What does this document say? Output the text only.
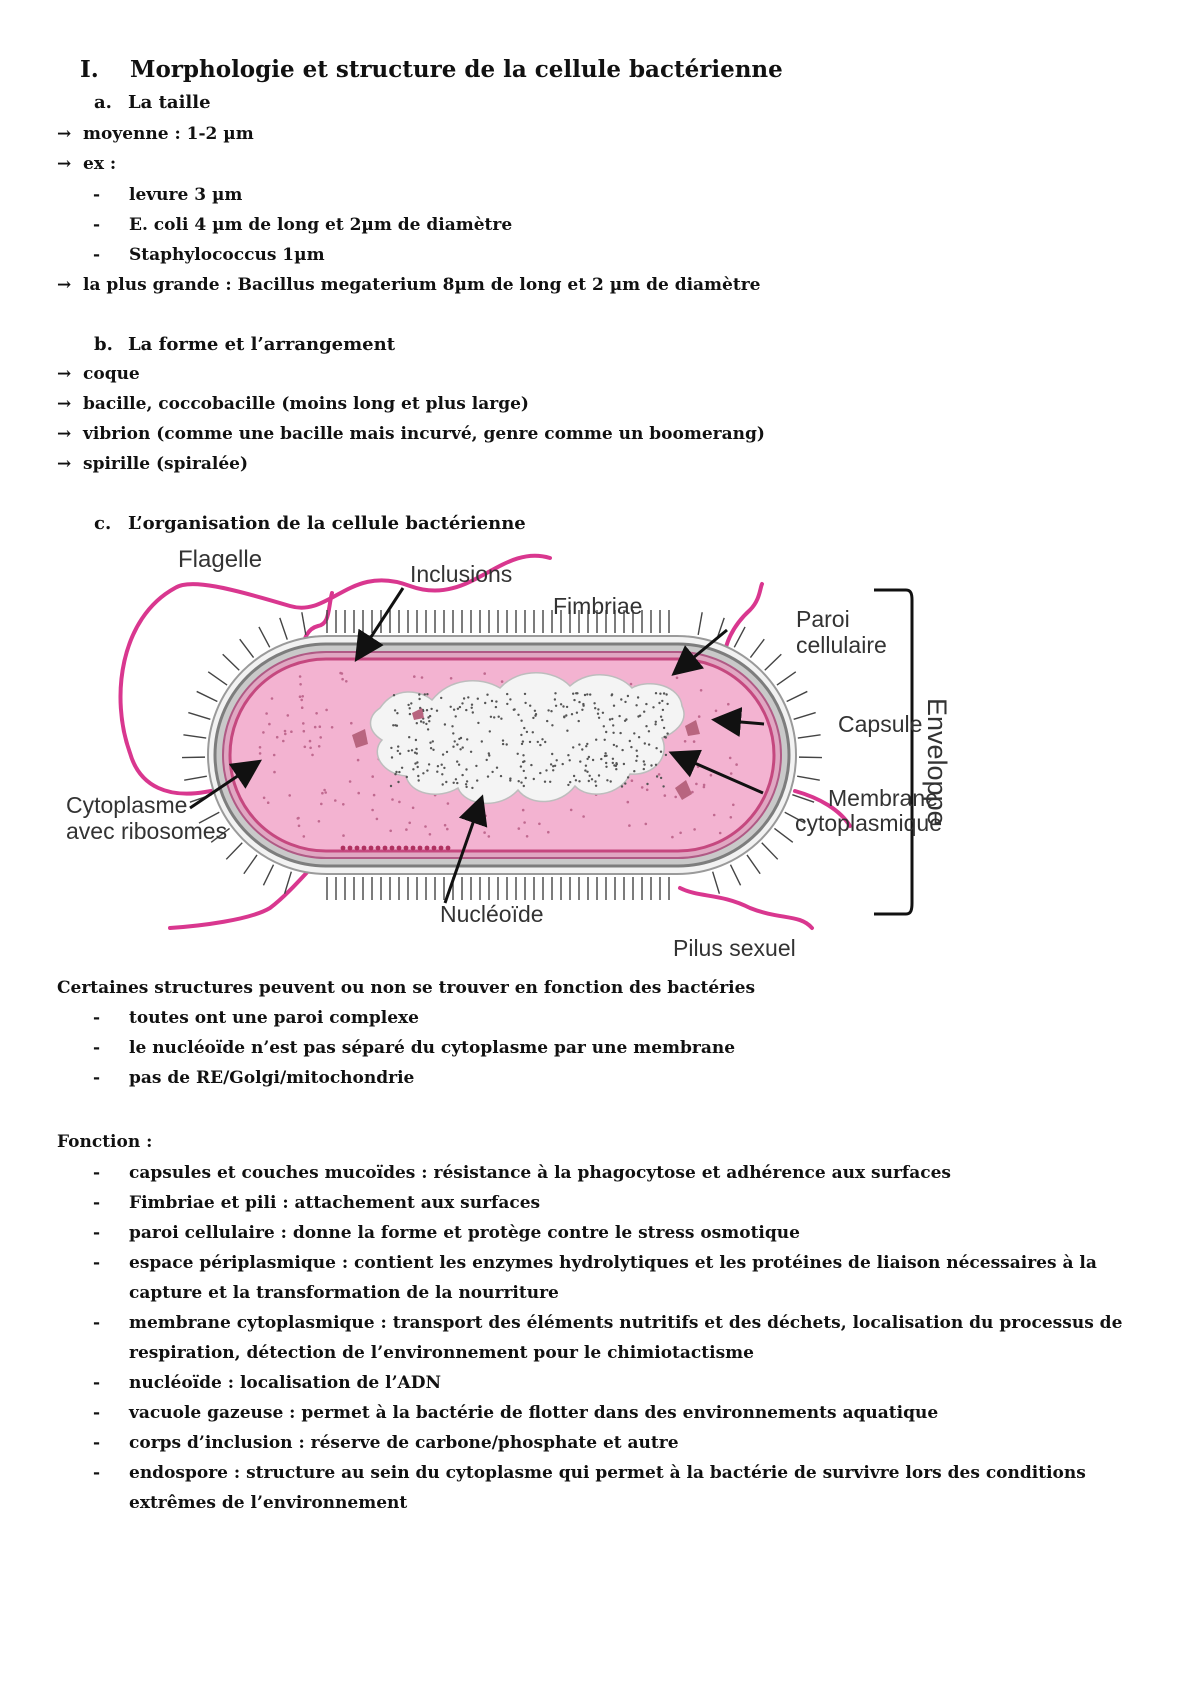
I. Morphologie et structure de la cellule bactérienne
a. La taille
→ moyenne : 1-2 µm
→ ex :
- levure 3 µm
- E. coli 4 µm de long et 2µm de diamètre
- Staphylococcus 1µm
→ la plus grande : Bacillus megaterium 8µm de long et 2 µm de diamètre
b. La forme et l’arrangement
→ coque
→ bacille, coccobacille (moins long et plus large)
→ vibrion (comme une bacille mais incurvé, genre comme un boomerang)
→ spirille (spiralée)
c. L’organisation de la cellule bactérienne
Flagelle
Inclusions
Fimbriae	Paroi
cellulaire
Capsule
Membrane
cytoplasmique
Cytoplasme
avec ribosomes
Nucléoïde
Pilus sexuel
Enveloppe
Certaines structures peuvent ou non se trouver en fonction des bactéries
- toutes ont une paroi complexe
- le nucléoïde n’est pas séparé du cytoplasme par une membrane
- pas de RE/Golgi/mitochondrie
Fonction :
- capsules et couches mucoïdes : résistance à la phagocytose et adhérence aux surfaces
- Fimbriae et pili : attachement aux surfaces
- paroi cellulaire : donne la forme et protège contre le stress osmotique
- espace périplasmique : contient les enzymes hydrolytiques et les protéines de liaison nécessaires à la capture et la transformation de la nourriture
- membrane cytoplasmique : transport des éléments nutritifs et des déchets, localisation du processus de respiration, détection de l’environnement pour le chimiotactisme
- nucléoïde : localisation de l’ADN
- vacuole gazeuse : permet à la bactérie de flotter dans des environnements aquatique
- corps d’inclusion : réserve de carbone/phosphate et autre
- endospore : structure au sein du cytoplasme qui permet à la bactérie de survivre lors des conditions extrêmes de l’environnement
